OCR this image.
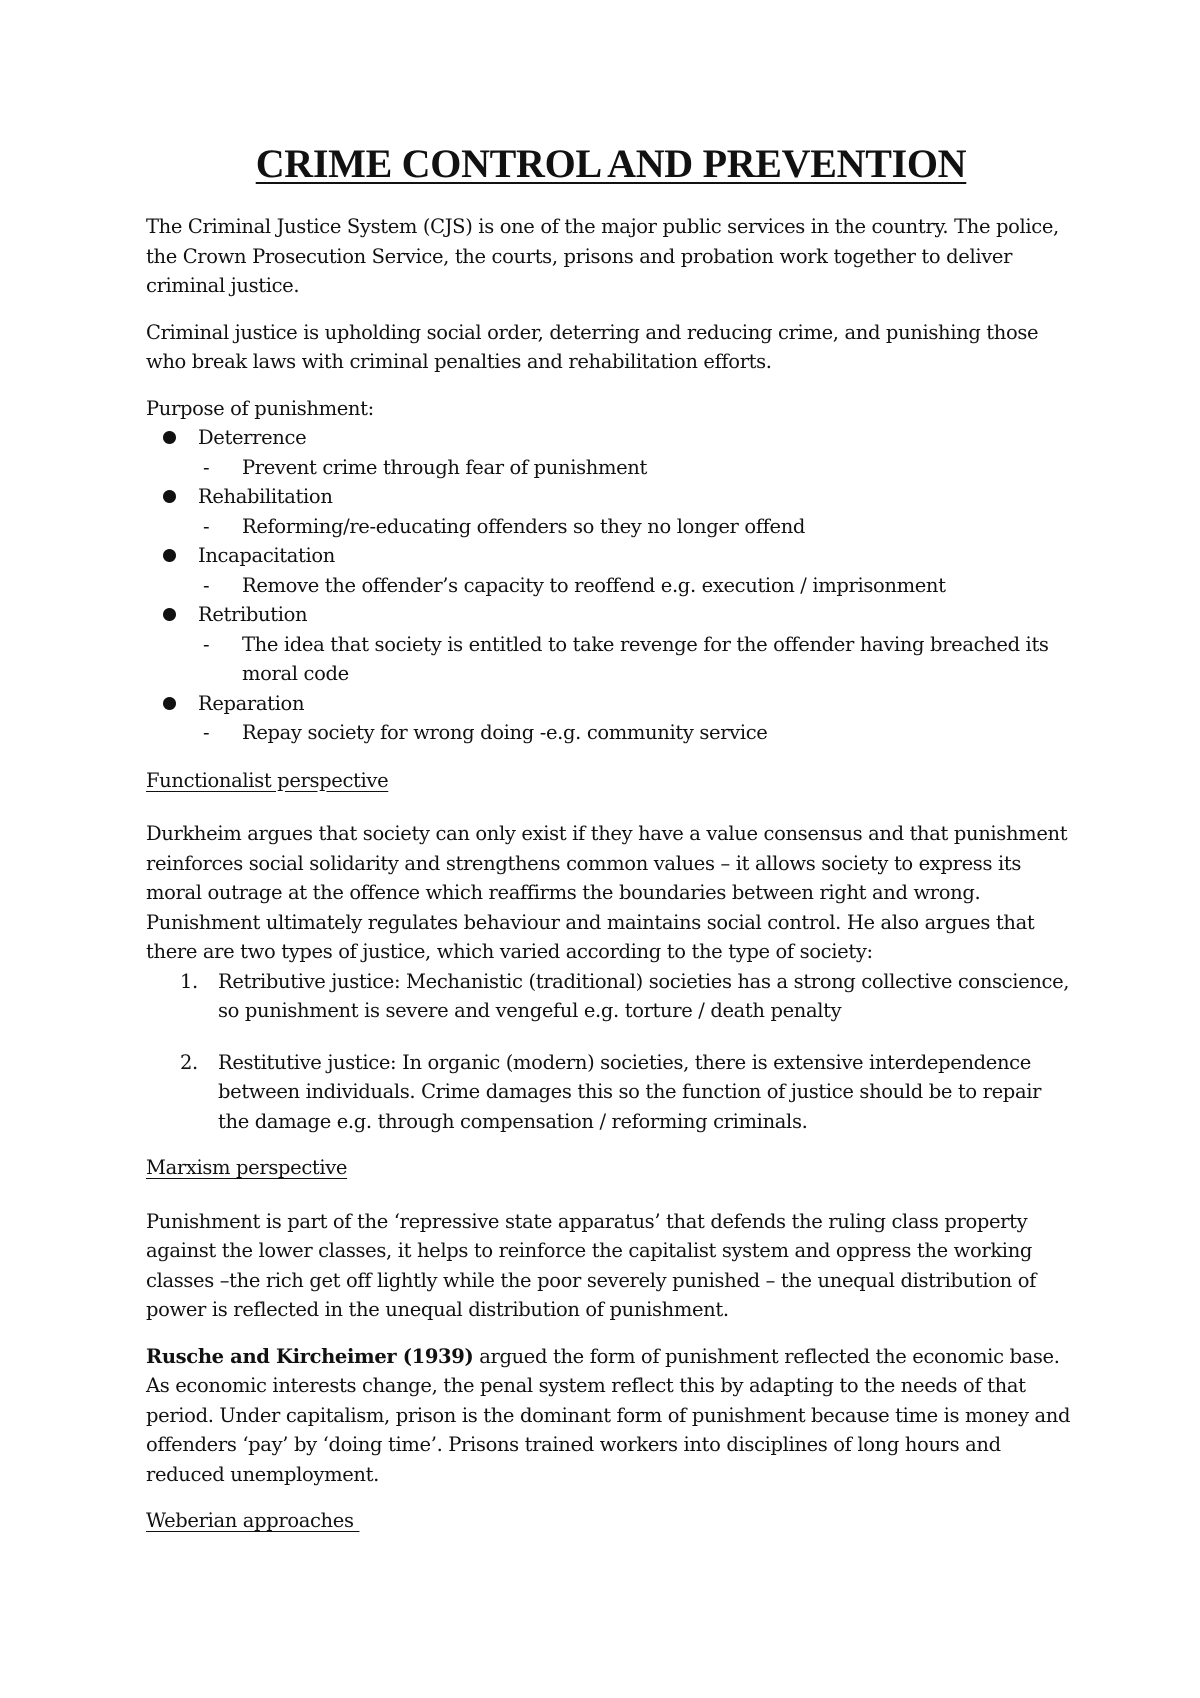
CRIME CONTROL AND PREVENTION

The Criminal Justice System (CJS) is one of the major public services in the country. The police, the Crown Prosecution Service, the courts, prisons and probation work together to deliver criminal justice.

Criminal justice is upholding social order, deterring and reducing crime, and punishing those who break laws with criminal penalties and rehabilitation efforts.

Purpose of punishment:

Deterrence
- Prevent crime through fear of punishment
Rehabilitation
- Reforming/re-educating offenders so they no longer offend
Incapacitation
- Remove the offender’s capacity to reoffend e.g. execution / imprisonment
Retribution
- The idea that society is entitled to take revenge for the offender having breached its moral code
Reparation
- Repay society for wrong doing -e.g. community service
Functionalist perspective

Durkheim argues that society can only exist if they have a value consensus and that punishment reinforces social solidarity and strengthens common values – it allows society to express its moral outrage at the offence which reaffirms the boundaries between right and wrong. Punishment ultimately regulates behaviour and maintains social control. He also argues that there are two types of justice, which varied according to the type of society:

1. Retributive justice: Mechanistic (traditional) societies has a strong collective conscience, so punishment is severe and vengeful e.g. torture / death penalty
2. Restitutive justice: In organic (modern) societies, there is extensive interdependence between individuals. Crime damages this so the function of justice should be to repair the damage e.g. through compensation / reforming criminals.
Marxism perspective

Punishment is part of the ‘repressive state apparatus’ that defends the ruling class property against the lower classes, it helps to reinforce the capitalist system and oppress the working classes –the rich get off lightly while the poor severely punished – the unequal distribution of power is reflected in the unequal distribution of punishment.

Rusche and Kircheimer (1939) argued the form of punishment reflected the economic base. As economic interests change, the penal system reflect this by adapting to the needs of that period. Under capitalism, prison is the dominant form of punishment because time is money and offenders ‘pay’ by ‘doing time’. Prisons trained workers into disciplines of long hours and reduced unemployment.

Weberian approaches
